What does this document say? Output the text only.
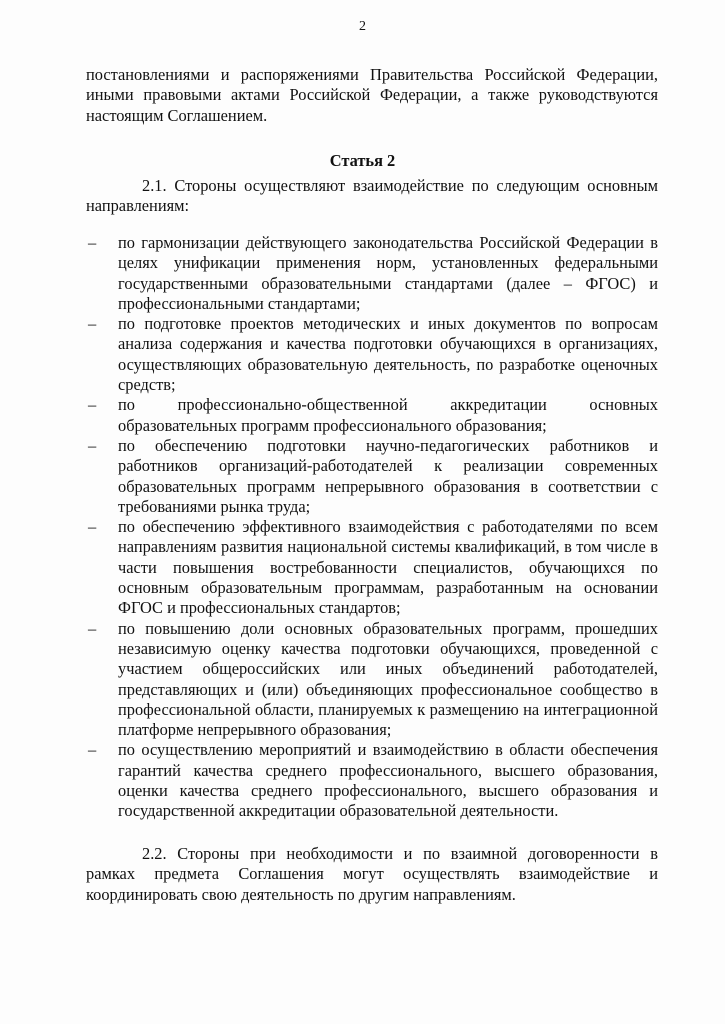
2
постановлениями и распоряжениями Правительства Российской Федерации, иными правовыми актами Российской Федерации, а также руководствуются настоящим Соглашением.
Статья 2
2.1. Стороны осуществляют взаимодействие по следующим основным направлениям:
– по гармонизации действующего законодательства Российской Федерации в целях унификации применения норм, установленных федеральными государственными образовательными стандартами (далее – ФГОС) и профессиональными стандартами;
– по подготовке проектов методических и иных документов по вопросам анализа содержания и качества подготовки обучающихся в организациях, осуществляющих образовательную деятельность, по разработке оценочных средств;
– по профессионально-общественной аккредитации основных образовательных программ профессионального образования;
– по обеспечению подготовки научно-педагогических работников и работников организаций-работодателей к реализации современных образовательных программ непрерывного образования в соответствии с требованиями рынка труда;
– по обеспечению эффективного взаимодействия с работодателями по всем направлениям развития национальной системы квалификаций, в том числе в части повышения востребованности специалистов, обучающихся по основным образовательным программам, разработанным на основании ФГОС и профессиональных стандартов;
– по повышению доли основных образовательных программ, прошедших независимую оценку качества подготовки обучающихся, проведенной с участием общероссийских или иных объединений работодателей, представляющих и (или) объединяющих профессиональное сообщество в профессиональной области, планируемых к размещению на интеграционной платформе непрерывного образования;
– по осуществлению мероприятий и взаимодействию в области обеспечения гарантий качества среднего профессионального, высшего образования, оценки качества среднего профессионального, высшего образования и государственной аккредитации образовательной деятельности.
2.2. Стороны при необходимости и по взаимной договоренности в рамках предмета Соглашения могут осуществлять взаимодействие и координировать свою деятельность по другим направлениям.
